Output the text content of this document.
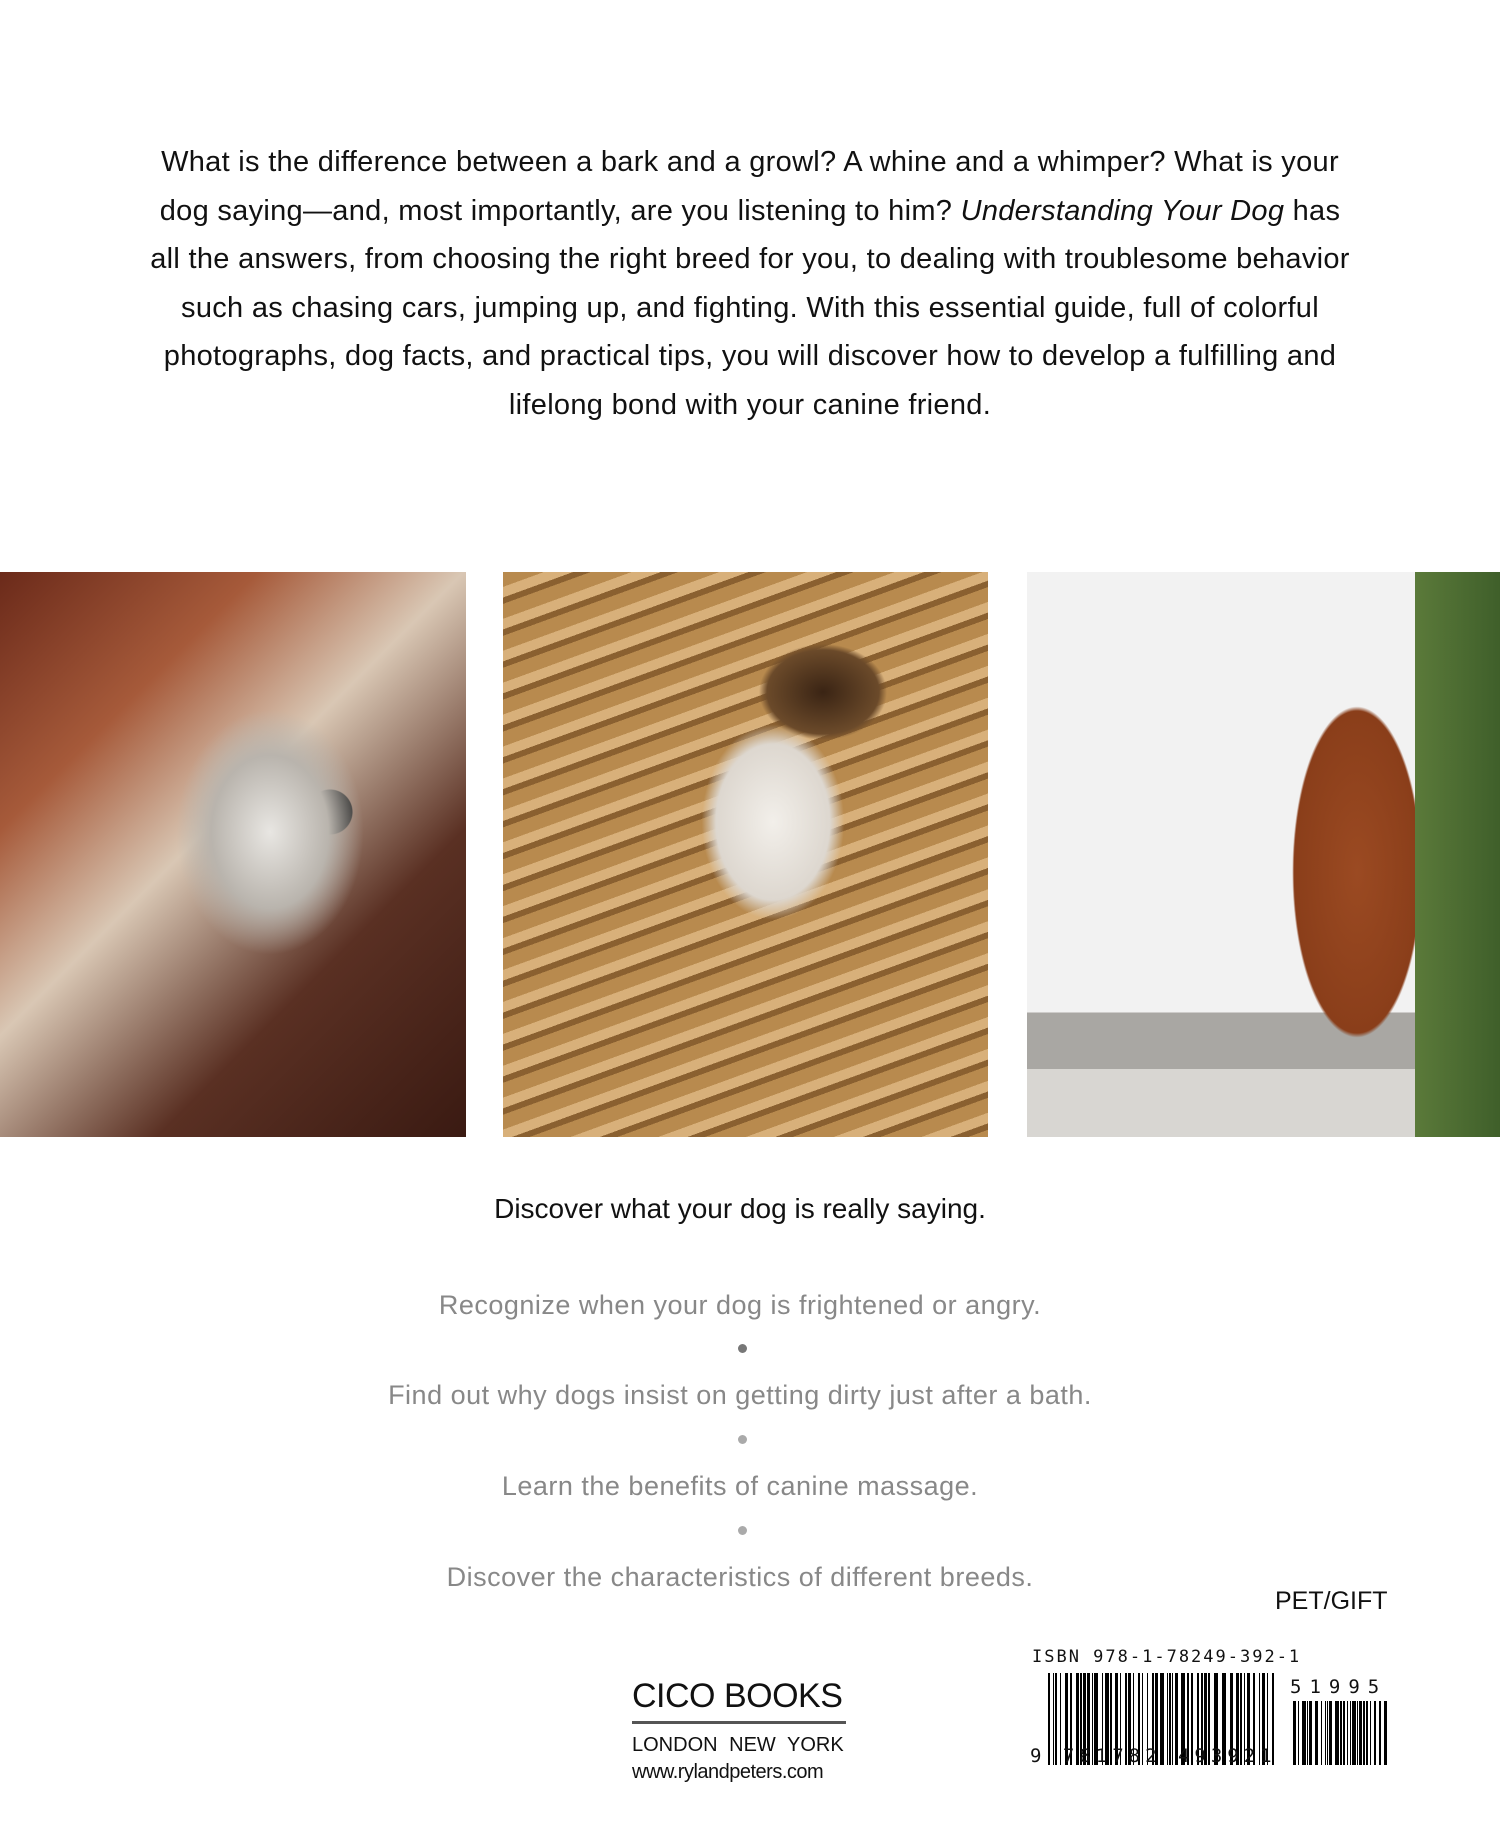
What is the difference between a bark and a growl? A whine and a whimper? What is your dog saying—and, most importantly, are you listening to him? Understanding Your Dog has all the answers, from choosing the right breed for you, to dealing with troublesome behavior such as chasing cars, jumping up, and fighting. With this essential guide, full of colorful photographs, dog facts, and practical tips, you will discover how to develop a fulfilling and lifelong bond with your canine friend.
Discover what your dog is really saying.
Recognize when your dog is frightened or angry.
Find out why dogs insist on getting dirty just after a bath.
Learn the benefits of canine massage.
Discover the characteristics of different breeds.
PET/GIFT
CICO BOOKS
LONDON NEW YORK
www.rylandpeters.com
ISBN 978-1-78249-392-1
9 781782 493921
51995
